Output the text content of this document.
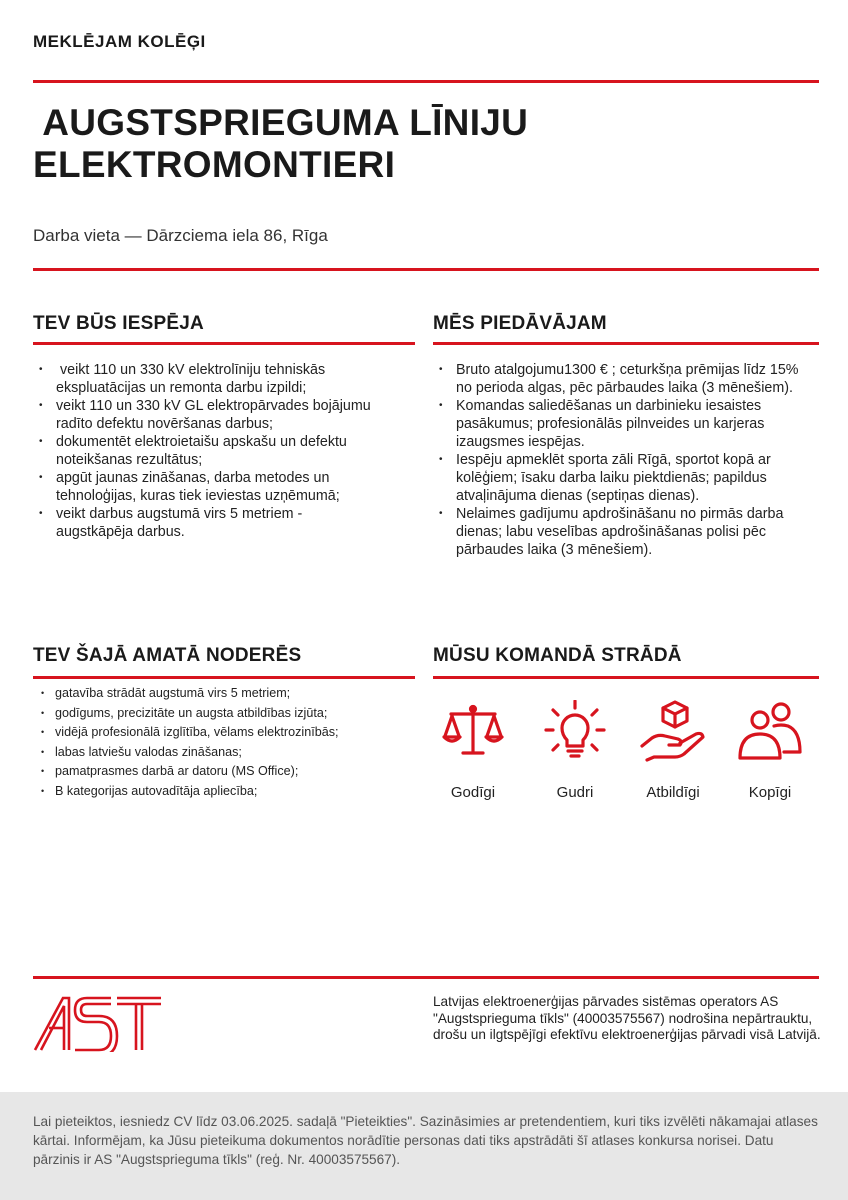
MEKLĒJAM KOLĒĢI
AUGSTSPRIEGUMA LĪNIJU
ELEKTROMONTIERI
Darba vieta — Dārzciema iela 86, Rīga
TEV BŪS IESPĒJA
•  veikt 110 un 330 kV elektrolīniju tehniskās ekspluatācijas un remonta darbu izpildi;
• veikt 110 un 330 kV GL elektropārvades bojājumu radīto defektu novēršanas darbus;
• dokumentēt elektroietaišu apskašu un defektu noteikšanas rezultātus;
• apgūt jaunas zināšanas, darba metodes un tehnoloģijas, kuras tiek ieviestas uzņēmumā;
• veikt darbus augstumā virs 5 metriem - augstkāpēja darbus.
MĒS PIEDĀVĀJAM
• Bruto atalgojumu1300 € ; ceturkšņa prēmijas līdz 15% no perioda algas, pēc pārbaudes laika (3 mēnešiem).
• Komandas saliedēšanas un darbinieku iesaistes pasākumus; profesionālās pilnveides un karjeras izaugsmes iespējas.
• Iespēju apmeklēt sporta zāli Rīgā, sportot kopā ar kolēģiem; īsaku darba laiku piektdienās; papildus atvaļinājuma dienas (septiņas dienas).
• Nelaimes gadījumu apdrošināšanu no pirmās darba dienas; labu veselības apdrošināšanas polisi pēc pārbaudes laika (3 mēnešiem).
TEV ŠAJĀ AMATĀ NODERĒS
• gatavība strādāt augstumā virs 5 metriem;
• godīgums, precizitāte un augsta atbildības izjūta;
• vidējā profesionālā izglītība, vēlams elektrozinībās;
• labas latviešu valodas zināšanas;
• pamatprasmes darbā ar datoru (MS Office);
• B kategorijas autovadītāja apliecība;
MŪSU KOMANDĀ STRĀDĀ
Godīgi	Gudri	Atbildīgi	Kopīgi

Latvijas elektroenerģijas pārvades sistēmas operators AS "Augstsprieguma tīkls" (40003575567) nodrošina nepārtrauktu, drošu un ilgtspējīgi efektīvu elektroenerģijas pārvadi visā Latvijā.

Lai pieteiktos, iesniedz CV līdz 03.06.2025. sadaļā "Pieteikties". Sazināsimies ar pretendentiem, kuri tiks izvēlēti nākamajai atlases kārtai. Informējam, ka Jūsu pieteikuma dokumentos norādītie personas dati tiks apstrādāti šī atlases konkursa norisei. Datu pārzinis ir AS "Augstsprieguma tīkls" (reģ. Nr. 40003575567).
